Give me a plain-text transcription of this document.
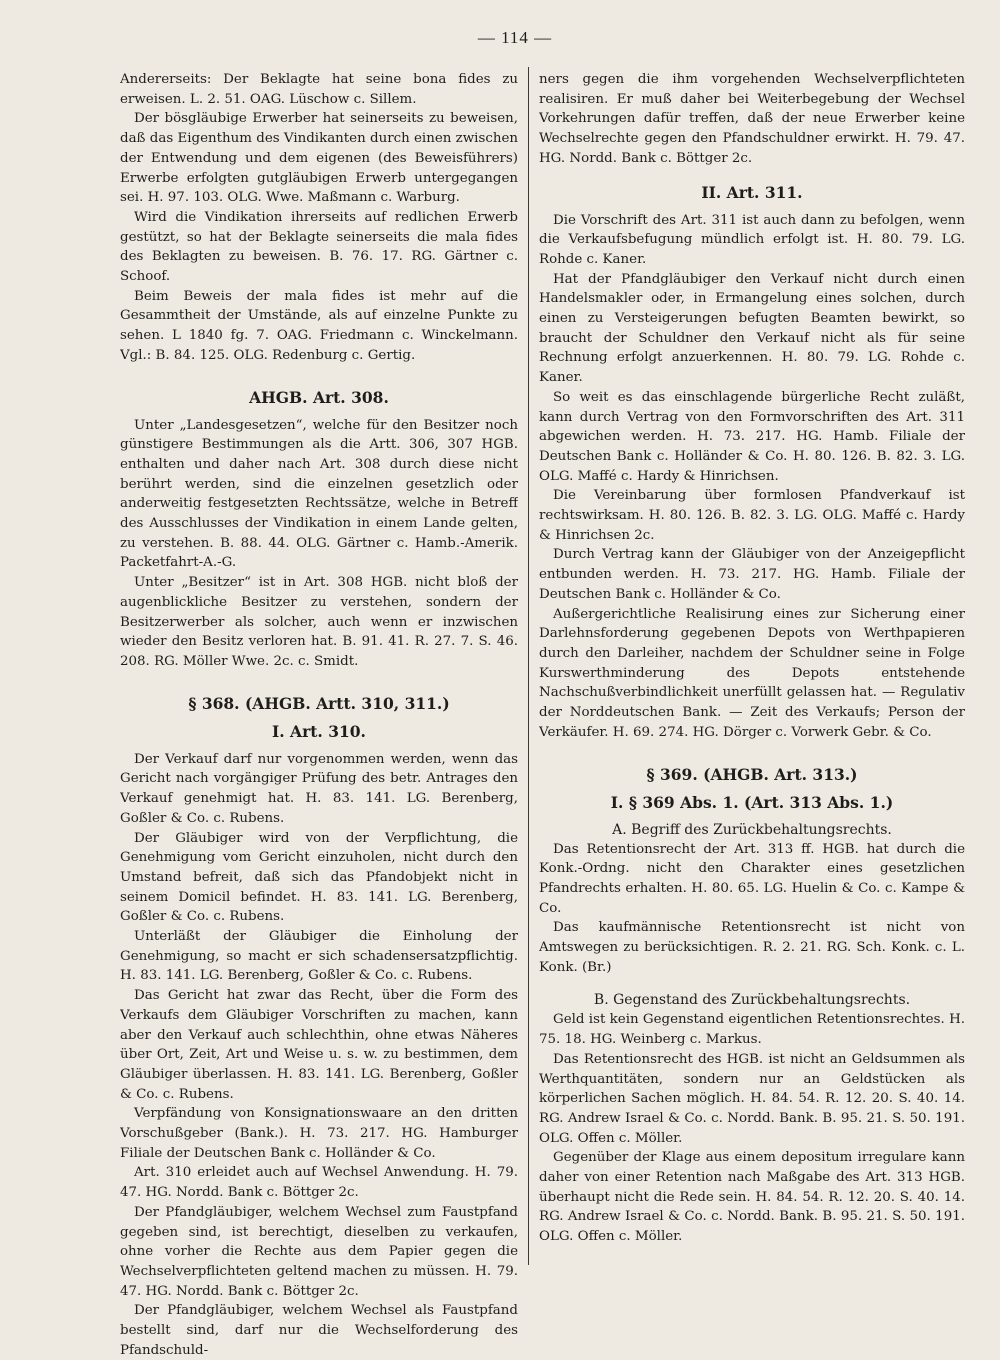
— 114 —

Andererseits: Der Beklagte hat seine bona fides zu erweisen. L. 2. 51. OAG. Lüschow c. Sillem.

Der bösgläubige Erwerber hat seinerseits zu beweisen, daß das Eigenthum des Vindikanten durch einen zwischen der Entwendung und dem eigenen (des Beweisführers) Erwerbe erfolgten gutgläubigen Erwerb untergegangen sei. H. 97. 103. OLG. Wwe. Maßmann c. Warburg.

Wird die Vindikation ihrerseits auf redlichen Erwerb gestützt, so hat der Beklagte seinerseits die mala fides des Beklagten zu beweisen. B. 76. 17. RG. Gärtner c. Schoof.

Beim Beweis der mala fides ist mehr auf die Gesammtheit der Umstände, als auf einzelne Punkte zu sehen. L 1840 fg. 7. OAG. Friedmann c. Winckelmann. Vgl.: B. 84. 125. OLG. Redenburg c. Gertig.

AHGB. Art. 308.

Unter „Landesgesetzen“, welche für den Besitzer noch günstigere Bestimmungen als die Artt. 306, 307 HGB. enthalten und daher nach Art. 308 durch diese nicht berührt werden, sind die einzelnen gesetzlich oder anderweitig festgesetzten Rechtssätze, welche in Betreff des Ausschlusses der Vindikation in einem Lande gelten, zu verstehen. B. 88. 44. OLG. Gärtner c. Hamb.-Amerik. Packetfahrt-A.-G.

Unter „Besitzer“ ist in Art. 308 HGB. nicht bloß der augenblickliche Besitzer zu verstehen, sondern der Besitzerwerber als solcher, auch wenn er inzwischen wieder den Besitz verloren hat. B. 91. 41. R. 27. 7. S. 46. 208. RG. Möller Wwe. 2c. c. Smidt.

§ 368. (AHGB. Artt. 310, 311.)
I. Art. 310.

Der Verkauf darf nur vorgenommen werden, wenn das Gericht nach vorgängiger Prüfung des betr. Antrages den Verkauf genehmigt hat. H. 83. 141. LG. Berenberg, Goßler & Co. c. Rubens.

Der Gläubiger wird von der Verpflichtung, die Genehmigung vom Gericht einzuholen, nicht durch den Umstand befreit, daß sich das Pfandobjekt nicht in seinem Domicil befindet. H. 83. 141. LG. Berenberg, Goßler & Co. c. Rubens.

Unterläßt der Gläubiger die Einholung der Genehmigung, so macht er sich schadensersatzpflichtig. H. 83. 141. LG. Berenberg, Goßler & Co. c. Rubens.

Das Gericht hat zwar das Recht, über die Form des Verkaufs dem Gläubiger Vorschriften zu machen, kann aber den Verkauf auch schlechthin, ohne etwas Näheres über Ort, Zeit, Art und Weise u. s. w. zu bestimmen, dem Gläubiger überlassen. H. 83. 141. LG. Berenberg, Goßler & Co. c. Rubens.

Verpfändung von Konsignationswaare an den dritten Vorschußgeber (Bank.). H. 73. 217. HG. Hamburger Filiale der Deutschen Bank c. Holländer & Co.

Art. 310 erleidet auch auf Wechsel Anwendung. H. 79. 47. HG. Nordd. Bank c. Böttger 2c.

Der Pfandgläubiger, welchem Wechsel zum Faustpfand gegeben sind, ist berechtigt, dieselben zu verkaufen, ohne vorher die Rechte aus dem Papier gegen die Wechselverpflichteten geltend machen zu müssen. H. 79. 47. HG. Nordd. Bank c. Böttger 2c.

Der Pfandgläubiger, welchem Wechsel als Faustpfand bestellt sind, darf nur die Wechselforderung des Pfandschuld-

ners gegen die ihm vorgehenden Wechselverpflichteten realisiren. Er muß daher bei Weiterbegebung der Wechsel Vorkehrungen dafür treffen, daß der neue Erwerber keine Wechselrechte gegen den Pfandschuldner erwirkt. H. 79. 47. HG. Nordd. Bank c. Böttger 2c.

II. Art. 311.

Die Vorschrift des Art. 311 ist auch dann zu befolgen, wenn die Verkaufsbefugung mündlich erfolgt ist. H. 80. 79. LG. Rohde c. Kaner.

Hat der Pfandgläubiger den Verkauf nicht durch einen Handelsmakler oder, in Ermangelung eines solchen, durch einen zu Versteigerungen befugten Beamten bewirkt, so braucht der Schuldner den Verkauf nicht als für seine Rechnung erfolgt anzuerkennen. H. 80. 79. LG. Rohde c. Kaner.

So weit es das einschlagende bürgerliche Recht zuläßt, kann durch Vertrag von den Formvorschriften des Art. 311 abgewichen werden. H. 73. 217. HG. Hamb. Filiale der Deutschen Bank c. Holländer & Co. H. 80. 126. B. 82. 3. LG. OLG. Maffé c. Hardy & Hinrichsen.

Die Vereinbarung über formlosen Pfandverkauf ist rechtswirksam. H. 80. 126. B. 82. 3. LG. OLG. Maffé c. Hardy & Hinrichsen 2c.

Durch Vertrag kann der Gläubiger von der Anzeigepflicht entbunden werden. H. 73. 217. HG. Hamb. Filiale der Deutschen Bank c. Holländer & Co.

Außergerichtliche Realisirung eines zur Sicherung einer Darlehnsforderung gegebenen Depots von Werthpapieren durch den Darleiher, nachdem der Schuldner seine in Folge Kurswerthminderung des Depots entstehende Nachschußverbindlichkeit unerfüllt gelassen hat. — Regulativ der Norddeutschen Bank. — Zeit des Verkaufs; Person der Verkäufer. H. 69. 274. HG. Dörger c. Vorwerk Gebr. & Co.

§ 369. (AHGB. Art. 313.)
I. § 369 Abs. 1. (Art. 313 Abs. 1.)
A. Begriff des Zurückbehaltungsrechts.

Das Retentionsrecht der Art. 313 ff. HGB. hat durch die Konk.-Ordng. nicht den Charakter eines gesetzlichen Pfandrechts erhalten. H. 80. 65. LG. Huelin & Co. c. Kampe & Co.

Das kaufmännische Retentionsrecht ist nicht von Amtswegen zu berücksichtigen. R. 2. 21. RG. Sch. Konk. c. L. Konk. (Br.)

B. Gegenstand des Zurückbehaltungsrechts.

Geld ist kein Gegenstand eigentlichen Retentionsrechtes. H. 75. 18. HG. Weinberg c. Markus.

Das Retentionsrecht des HGB. ist nicht an Geldsummen als Werthquantitäten, sondern nur an Geldstücken als körperlichen Sachen möglich. H. 84. 54. R. 12. 20. S. 40. 14. RG. Andrew Israel & Co. c. Nordd. Bank. B. 95. 21. S. 50. 191. OLG. Offen c. Möller.

Gegenüber der Klage aus einem depositum irregulare kann daher von einer Retention nach Maßgabe des Art. 313 HGB. überhaupt nicht die Rede sein. H. 84. 54. R. 12. 20. S. 40. 14. RG. Andrew Israel & Co. c. Nordd. Bank. B. 95. 21. S. 50. 191. OLG. Offen c. Möller.
